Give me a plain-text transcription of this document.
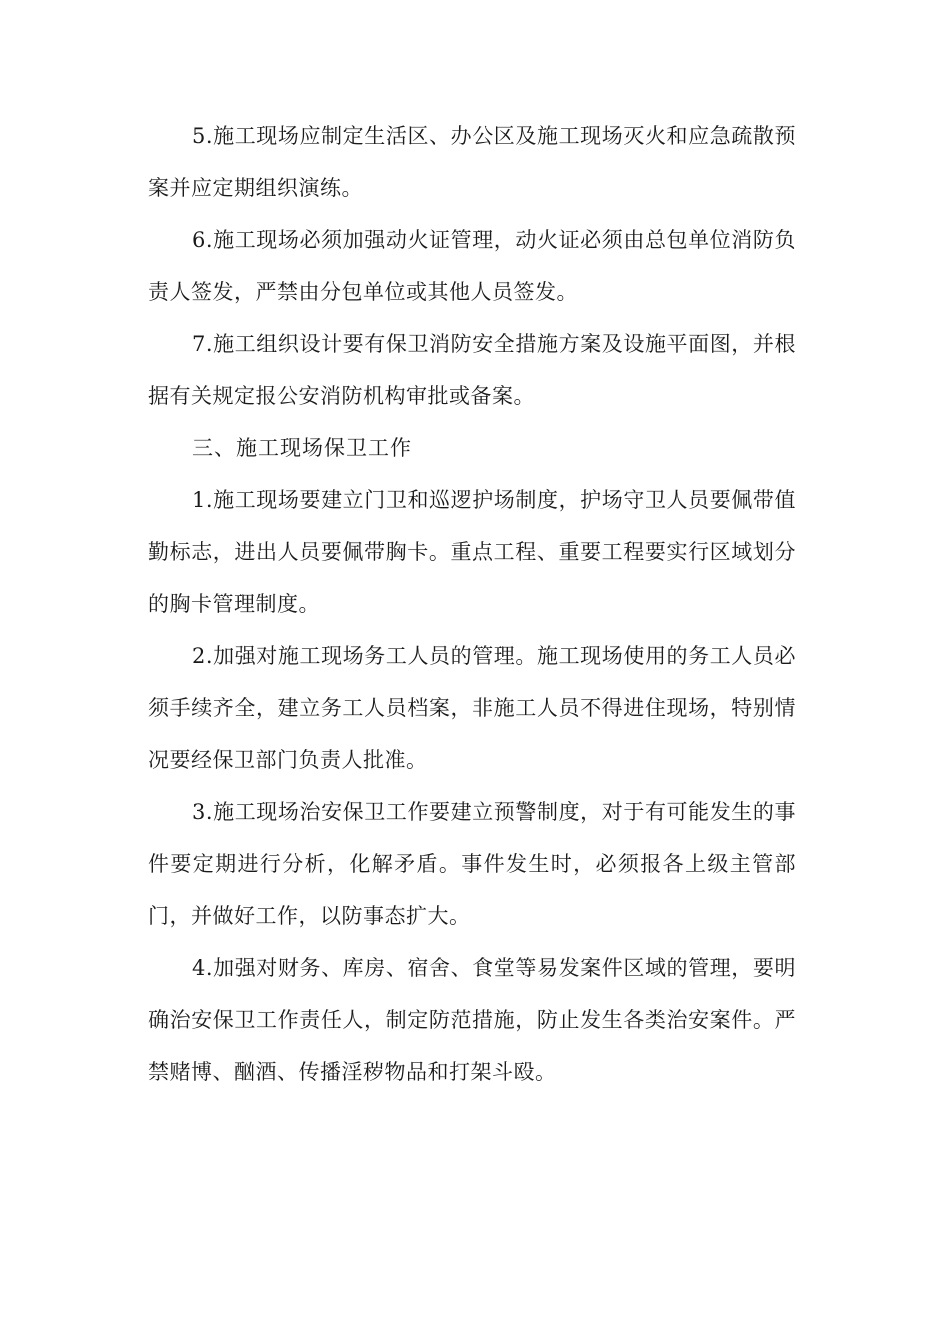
5.施工现场应制定生活区、办公区及施工现场灭火和应急疏散预案并应定期组织演练。

6.施工现场必须加强动火证管理，动火证必须由总包单位消防负责人签发，严禁由分包单位或其他人员签发。

7.施工组织设计要有保卫消防安全措施方案及设施平面图，并根据有关规定报公安消防机构审批或备案。

三、施工现场保卫工作

1.施工现场要建立门卫和巡逻护场制度，护场守卫人员要佩带值勤标志，进出人员要佩带胸卡。重点工程、重要工程要实行区域划分的胸卡管理制度。

2.加强对施工现场务工人员的管理。施工现场使用的务工人员必须手续齐全，建立务工人员档案，非施工人员不得进住现场，特别情况要经保卫部门负责人批准。

3.施工现场治安保卫工作要建立预警制度，对于有可能发生的事件要定期进行分析，化解矛盾。事件发生时，必须报各上级主管部门，并做好工作，以防事态扩大。

4.加强对财务、库房、宿舍、食堂等易发案件区域的管理，要明确治安保卫工作责任人，制定防范措施，防止发生各类治安案件。严禁赌博、酗酒、传播淫秽物品和打架斗殴。
